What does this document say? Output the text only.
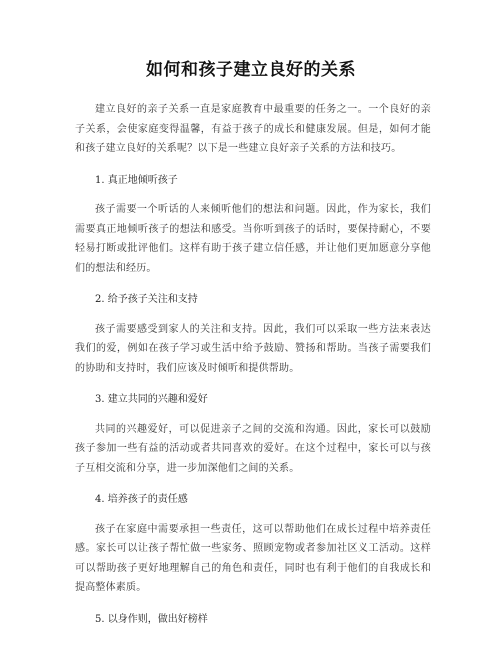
如何和孩子建立良好的关系

建立良好的亲子关系一直是家庭教育中最重要的任务之一。一个良好的亲子关系，会使家庭变得温馨，有益于孩子的成长和健康发展。但是，如何才能和孩子建立良好的关系呢？以下是一些建立良好亲子关系的方法和技巧。

1. 真正地倾听孩子

孩子需要一个听话的人来倾听他们的想法和问题。因此，作为家长，我们需要真正地倾听孩子的想法和感受。当你听到孩子的话时，要保持耐心，不要轻易打断或批评他们。这样有助于孩子建立信任感，并让他们更加愿意分享他们的想法和经历。

2. 给予孩子关注和支持

孩子需要感受到家人的关注和支持。因此，我们可以采取一些方法来表达我们的爱，例如在孩子学习或生活中给予鼓励、赞扬和帮助。当孩子需要我们的协助和支持时，我们应该及时倾听和提供帮助。

3. 建立共同的兴趣和爱好

共同的兴趣爱好，可以促进亲子之间的交流和沟通。因此，家长可以鼓励孩子参加一些有益的活动或者共同喜欢的爱好。在这个过程中，家长可以与孩子互相交流和分享，进一步加深他们之间的关系。

4. 培养孩子的责任感

孩子在家庭中需要承担一些责任，这可以帮助他们在成长过程中培养责任感。家长可以让孩子帮忙做一些家务、照顾宠物或者参加社区义工活动。这样可以帮助孩子更好地理解自己的角色和责任，同时也有利于他们的自我成长和提高整体素质。

5. 以身作则，做出好榜样
